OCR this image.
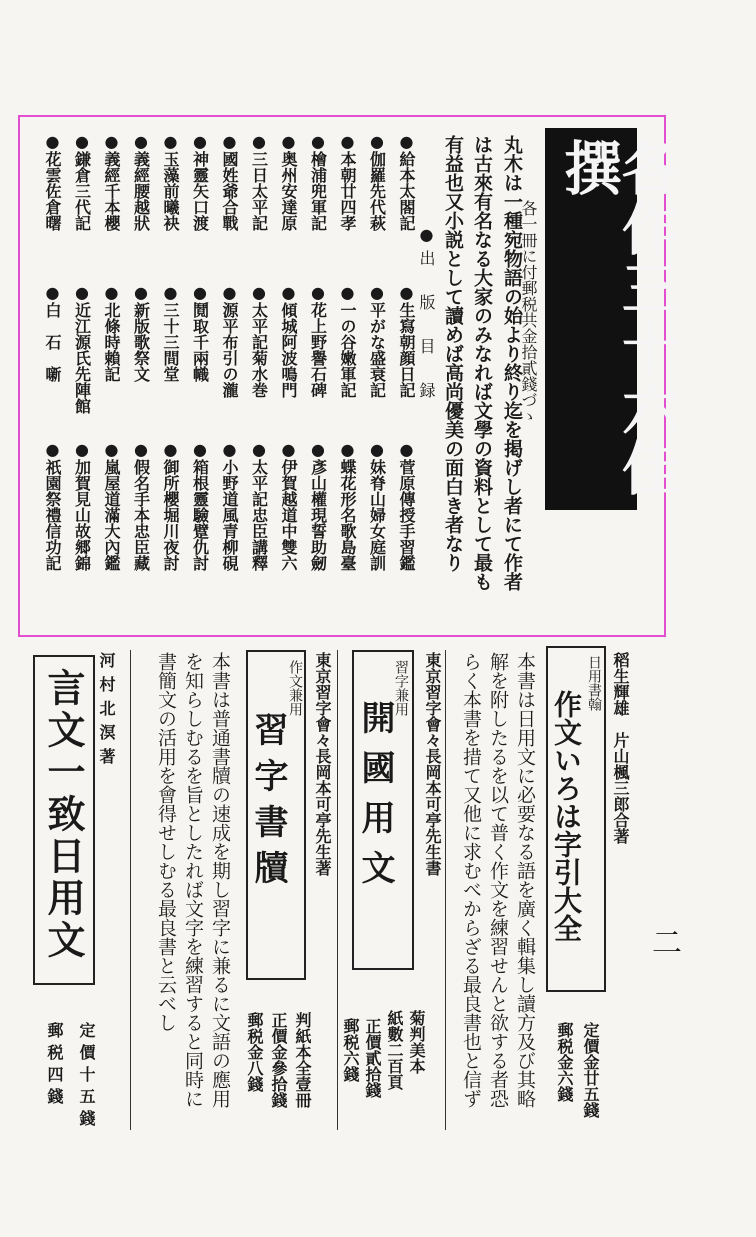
各作三十六佳撰
丸木は一種宛物語の始より終り迄を掲げし者にて作者
は古來有名なる大家のみなれば文學の資料として最も
有益也又小説として讀めば高尚優美の面白き者なり	各一冊に付郵税共金拾貳錢づゝ
●出　版　目　録
●給本太閤記
●生寫朝顔日記
●菅原傳授手習鑑
●伽羅先代萩
●平がな盛衰記
●妹脊山婦女庭訓
●本朝廿四孝
●一の谷嫩軍記
●蝶花形名歌島臺
●檜浦兜軍記
●花上野譽石碑
●彥山權現誓助劒
●奥州安達原
●傾城阿波鳴門
●伊賀越道中雙六
●三日太平記
●太平記菊水巻
●太平記忠臣講釋
●國姓爺合戰
●源平布引の瀧
●小野道風青柳硯
●神靈矢口渡
●鬩取千兩幟
●箱根靈驗躄仇討
●玉藻前曦袂
●三十三間堂
●御所櫻堀川夜討
●義經腰越狀
●新版歌祭文
●假名手本忠臣藏
●義經千本櫻
●北條時賴記
●嵐屋道滿大內鑑
●鎌倉三代記
●近江源氏先陣館
●加賀見山故郷錦
●花雲佐倉曙
●白　石　噺
●祇園祭禮信功記
二
稻生輝雄　片山楓三郎合著
日用書翰
作文いろは字引大全
本書は日用文に必要なる語を廣く輯集し讀方及び其略
解を附したるを以て普く作文を練習せんと欲する者恐
らく本書を措て又他に求むべからざる最良書也と信ず	定價金廿五錢
郵税金六錢
東京習字會々長岡本可亭先生書
習字兼用
開國用文
菊判美本
紙數二百頁
正價貳拾錢
郵税六錢
東京習字會々長岡本可亭先生著
作文兼用
習字書牘
本書は普通書牘の速成を期し習字に兼るに文語の應用
を知らしむるを旨としたれば文字を練習すると同時に
書簡文の活用を會得せしむる最良書と云べし
判紙本全壹冊
正價金參拾錢
郵税金八錢
河村北溟著
言文一致日用文
定價十五錢
郵税四錢
